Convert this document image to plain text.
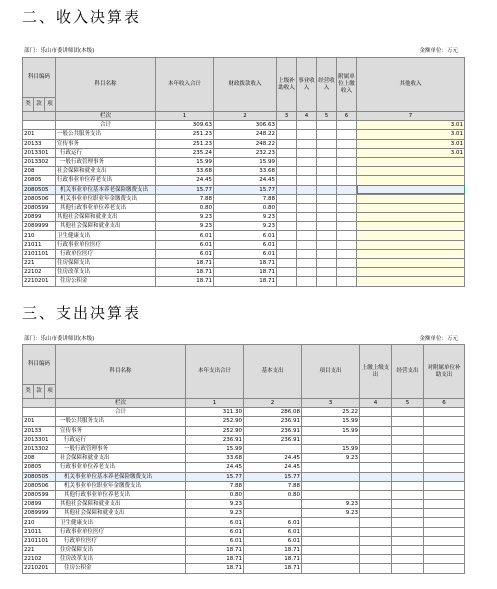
二、收入决算表
部门：乐山市委讲师团(本级)	金额单位：万元
科目编码			科目名称	本年收入合计	财政拨款收入	上级补助收入	事业收入	经营收入	附属单位上缴收入	其他收入
类	款	项								
			栏次	1	2	3	4	5	6	7
			合计	309.63	306.63					3.01
201			一般公共服务支出	251.23	248.22					3.01
20133			宣传事务	251.23	248.22					3.01
2013301			行政运行	235.24	232.23					3.01
2013302			一般行政管理事务	15.99	15.99					
208			社会保障和就业支出	33.68	33.68					
20805			行政事业单位养老支出	24.45	24.45					
2080505			机关事业单位基本养老保险缴费支出	15.77	15.77					
2080506			机关事业单位职业年金缴费支出	7.88	7.88					
2080599			其他行政事业单位养老支出	0.80	0.80					
20899			其他社会保障和就业支出	9.23	9.23					
2089999			其他社会保障和就业支出	9.23	9.23					
210			卫生健康支出	6.01	6.01					
21011			行政事业单位医疗	6.01	6.01					
2101101			行政单位医疗	6.01	6.01					
221			住房保障支出	18.71	18.71					
22102			住房改革支出	18.71	18.71					
2210201			住房公积金	18.71	18.71					
三、支出决算表
部门：乐山市委讲师团(本级)	金额单位：万元
科目编码			科目名称	本年支出合计	基本支出	项目支出	上缴上级支出	经营支出	对附属单位补助支出
类	款	项							
			栏次	1	2	3	4	5	6
			合计	311.30	286.08	25.22			
201			一般公共服务支出	252.90	236.91	15.99			
20133			宣传事务	252.90	236.91	15.99			
2013301			行政运行	236.91	236.91				
2013302			一般行政管理事务	15.99		15.99			
208			社会保障和就业支出	33.68	24.45	9.23			
20805			行政事业单位养老支出	24.45	24.45				
2080505			机关事业单位基本养老保险缴费支出	15.77	15.77				
2080506			机关事业单位职业年金缴费支出	7.88	7.88				
2080599			其他行政事业单位养老支出	0.80	0.80				
20899			其他社会保障和就业支出	9.23		9.23			
2089999			其他社会保障和就业支出	9.23		9.23			
210			卫生健康支出	6.01	6.01				
21011			行政事业单位医疗	6.01	6.01				
2101101			行政单位医疗	6.01	6.01				
221			住房保障支出	18.71	18.71				
22102			住房改革支出	18.71	18.71				
2210201			住房公积金	18.71	18.71				
